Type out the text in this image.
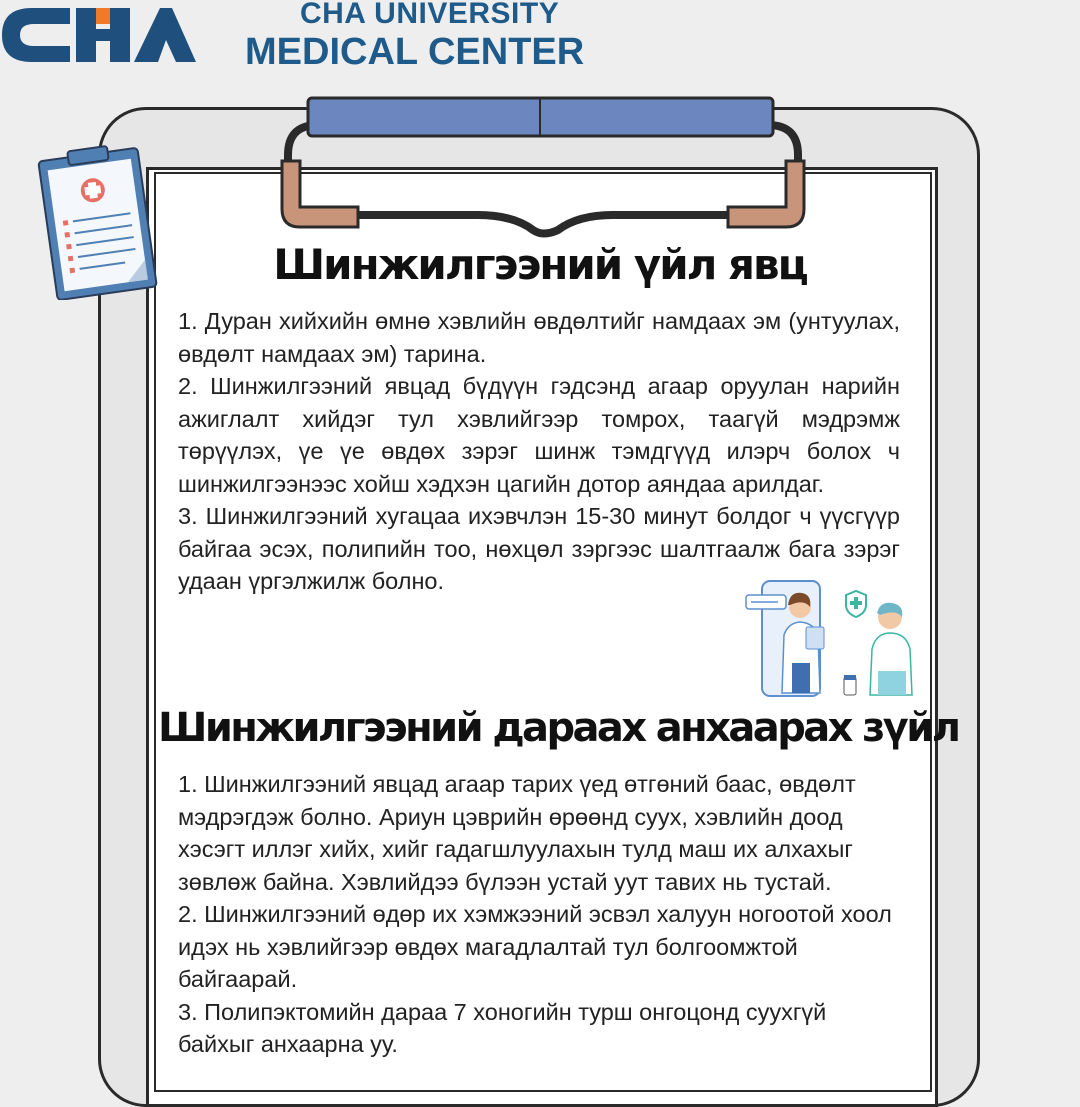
CHA UNIVERSITY
MEDICAL CENTER
Шинжилгээний үйл явц
1. Дуран хийхийн өмнө хэвлийн өвдөлтийг намдаах эм (унтуулах, өвдөлт намдаах эм) тарина.
2. Шинжилгээний явцад бүдүүн гэдсэнд агаар оруулан нарийн ажиглалт хийдэг тул хэвлийгээр томрох, таагүй мэдрэмж төрүүлэх, үе үе өвдөх зэрэг шинж тэмдгүүд илэрч болох ч шинжилгээнээс хойш хэдхэн цагийн дотор аяндаа арилдаг.
3. Шинжилгээний хугацаа ихэвчлэн 15-30 минут болдог ч үүсгүүр байгаа эсэх, полипийн тоо, нөхцөл зэргээс шалтгаалж бага зэрэг удаан үргэлжилж болно.
Шинжилгээний дараах анхаарах зүйл
1. Шинжилгээний явцад агаар тарих үед өтгөний баас, өвдөлт мэдрэгдэж болно. Ариун цэврийн өрөөнд суух, хэвлийн доод хэсэгт иллэг хийх, хийг гадагшлуулахын тулд маш их алхахыг зөвлөж байна. Хэвлийдээ бүлээн устай уут тавих нь тустай.
2. Шинжилгээний өдөр их хэмжээний эсвэл халуун ногоотой хоол идэх нь хэвлийгээр өвдөх магадлалтай тул болгоомжтой байгаарай.
3. Полипэктомийн дараа 7 хоногийн турш онгоцонд суухгүй байхыг анхаарна уу.
